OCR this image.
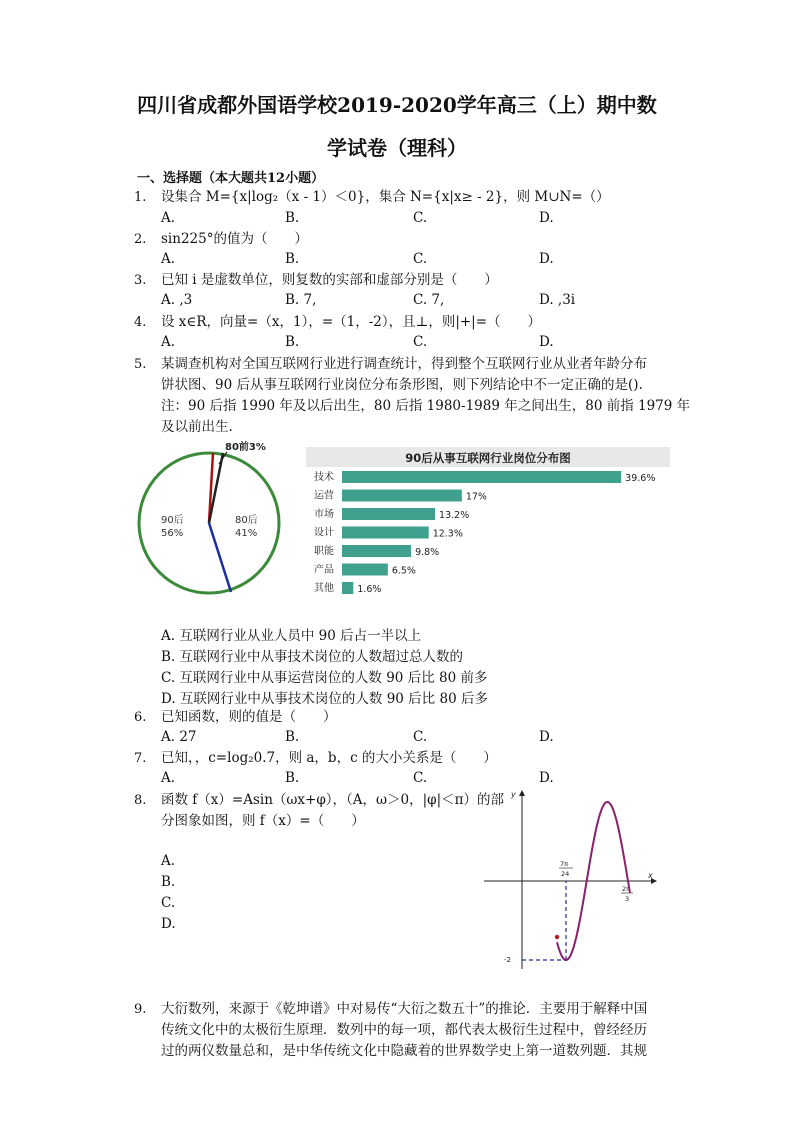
四川省成都外国语学校2019-2020学年高三（上）期中数
学试卷（理科）
一、选择题（本大题共12小题）
1. 设集合 M={x|log₂（x - 1）＜0}，集合 N={x|x≥ - 2}，则 M∪N=（）
A.	B.	C.	D.
2. sin225°的值为（　　）
A.	B.	C.	D.
3. 已知 i 是虚数单位，则复数的实部和虚部分别是（　　）
A. ,3	B. 7,	C. 7,	D. ,3i
4. 设 x∈R，向量=（x，1），=（1，-2），且⊥，则|+|=（　　）
A.	B.	C.	D.
5. 某调查机构对全国互联网行业进行调查统计，得到整个互联网行业从业者年龄分布
饼状图、90 后从事互联网行业岗位分布条形图，则下列结论中不一定正确的是().
注：90 后指 1990 年及以后出生，80 后指 1980-1989 年之间出生，80 前指 1979 年
及以前出生.
80前3%
90后
56%
80后
41%
90后从事互联网行业岗位分布图
技术	39.6%
运营	17%
市场	13.2%
设计	12.3%
职能	9.8%
产品	6.5%
其他 1.6%
A. 互联网行业从业人员中 90 后占一半以上
B. 互联网行业中从事技术岗位的人数超过总人数的
C. 互联网行业中从事运营岗位的人数 90 后比 80 前多
D. 互联网行业中从事技术岗位的人数 90 后比 80 后多
6. 已知函数，则的值是（　　）
A. 27	B.	C.	D.
7. 已知，，c=log₂0.7，则 a，b，c 的大小关系是（　　）
A.	B.	C.	D.
8. 函数 f（x）=Asin（ωx+φ），（A，ω＞0，|φ|＜π）的部
分图象如图，则 f（x）=（　　）
A.
B.
C.
D.
y
x
-2
7π
24
2π
3
9. 大衍数列，来源于《乾坤谱》中对易传“大衍之数五十”的推论．主要用于解释中国
传统文化中的太极衍生原理．数列中的每一项，都代表太极衍生过程中，曾经经历
过的两仪数量总和，是中华传统文化中隐藏着的世界数学史上第一道数列题．其规
